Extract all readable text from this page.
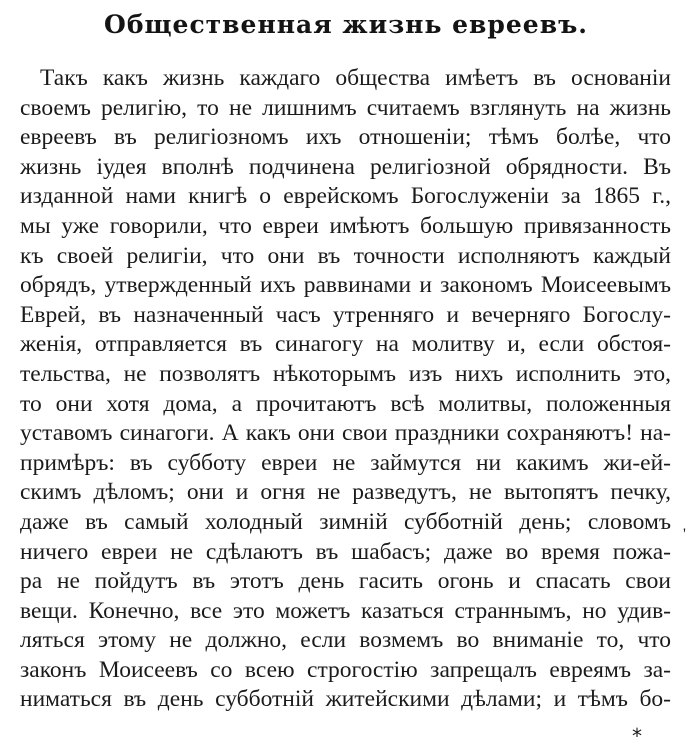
Общественная жизнь евреевъ.
Такъ какъ жизнь каждаго общества имѣетъ въ основаніи
своемъ религію, то не лишнимъ считаемъ взглянуть на жизнь
евреевъ въ религіозномъ ихъ отношеніи; тѣмъ болѣе, что
жизнь іудея вполнѣ подчинена религіозной обрядности. Въ
изданной нами книгѣ о еврейскомъ Богослуженіи за 1865 г.,
мы уже говорили, что евреи имѣютъ большую привязанность
къ своей религіи, что они въ точности исполняютъ каждый
обрядъ, утвержденный ихъ раввинами и закономъ Моисеевымъ
Еврей, въ назначенный часъ утренняго и вечерняго Богослу-
женія, отправляется въ синагогу на молитву и, если обстоя-
тельства, не позволятъ нѣкоторымъ изъ нихъ исполнить это,
то они хотя дома, а прочитаютъ всѣ молитвы, положенныя
уставомъ синагоги. А какъ они свои праздники сохраняютъ! на-
примѣръ: въ субботу евреи не займутся ни какимъ жи-ей-
скимъ дѣломъ; они и огня не разведутъ, не вытопятъ печку,
даже въ самый холодный зимній субботній день; словомъ
ничего евреи не сдѣлаютъ въ шабасъ; даже во время пожа-
ра не пойдутъ въ этотъ день гасить огонь и спасать свои
вещи. Конечно, все это можетъ казаться страннымъ, но удив-
ляться этому не должно, если возмемъ во вниманіе то, что
законъ Моисеевъ со всею строгостію запрещалъ евреямъ за-
ниматься въ день субботній житейскими дѣлами; и тѣмъ бо-
'
*
